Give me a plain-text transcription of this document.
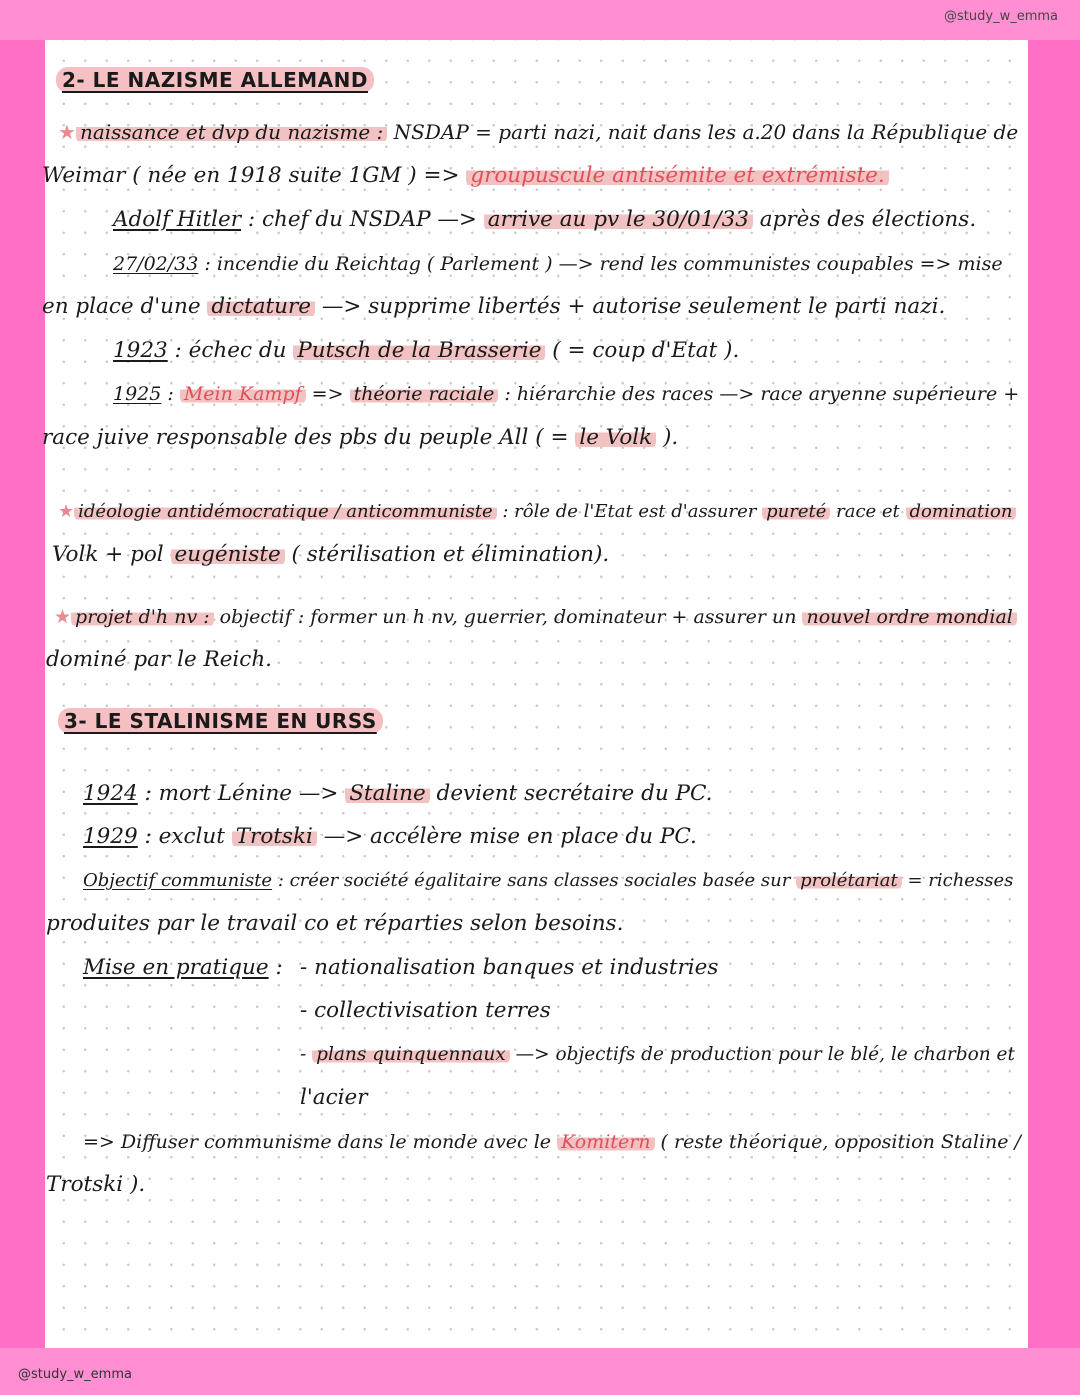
@study_w_emma
@study_w_emma
2- LE NAZISME ALLEMAND
★ naissance et dvp du nazisme : NSDAP = parti nazi, nait dans les a.20 dans la République de
Weimar ( née en 1918 suite 1GM ) => groupuscule antisémite et extrémiste.
Adolf Hitler : chef du NSDAP —> arrive au pv le 30/01/33 après des élections.
27/02/33 : incendie du Reichtag ( Parlement ) —> rend les communistes coupables => mise
en place d'une dictature —> supprime libertés + autorise seulement le parti nazi.
1923 : échec du Putsch de la Brasserie ( = coup d'Etat ).
1925 : Mein Kampf => théorie raciale : hiérarchie des races —> race aryenne supérieure +
race juive responsable des pbs du peuple All ( = le Volk ).
★ idéologie antidémocratique / anticommuniste : rôle de l'Etat est d'assurer pureté race et domination
Volk + pol eugéniste ( stérilisation et élimination).
★ projet d'h nv : objectif : former un h nv, guerrier, dominateur + assurer un nouvel ordre mondial
dominé par le Reich.
3- LE STALINISME EN URSS
1924 : mort Lénine —> Staline devient secrétaire du PC.
1929 : exclut Trotski —> accélère mise en place du PC.
Objectif communiste : créer société égalitaire sans classes sociales basée sur prolétariat = richesses
produites par le travail co et réparties selon besoins.
Mise en pratique : - nationalisation banques et industries
- collectivisation terres
- plans quinquennaux —> objectifs de production pour le blé, le charbon et
l'acier
=> Diffuser communisme dans le monde avec le Komitern ( reste théorique, opposition Staline /
Trotski ).
